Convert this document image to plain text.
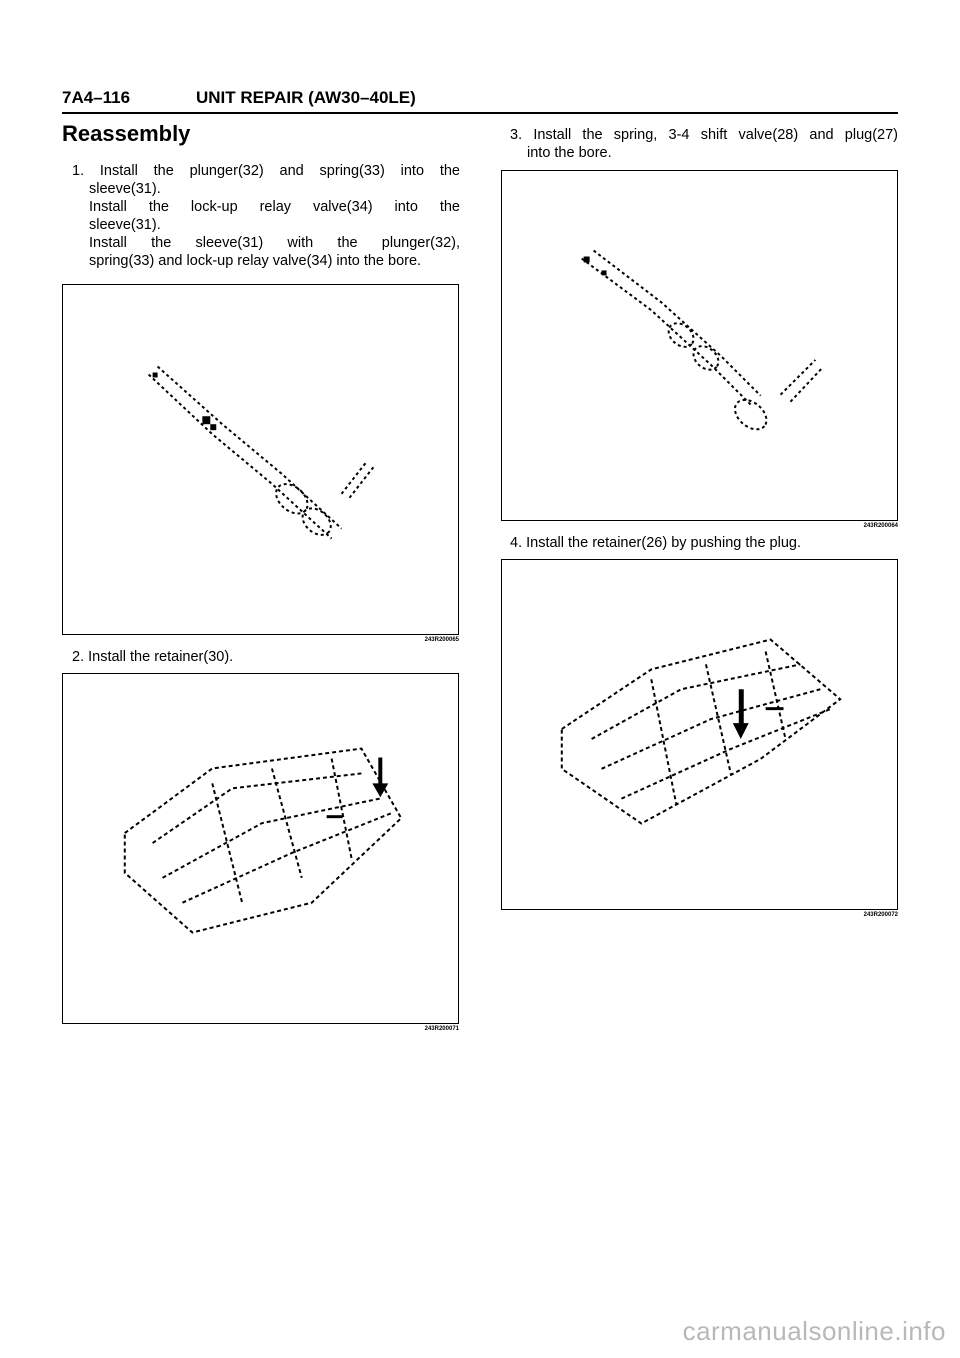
7A4–116	UNIT REPAIR (AW30–40LE)
Reassembly
1. Install the plunger(32) and spring(33) into the
sleeve(31).
Install the lock-up relay valve(34) into the
sleeve(31).
Install the sleeve(31) with the plunger(32),
spring(33) and lock-up relay valve(34) into the bore.
243R200065
2. Install the retainer(30).
243R200071
3. Install the spring, 3-4 shift valve(28) and plug(27)
into the bore.
243R200064
4. Install the retainer(26) by pushing the plug.
243R200072
carmanualsonline.info
